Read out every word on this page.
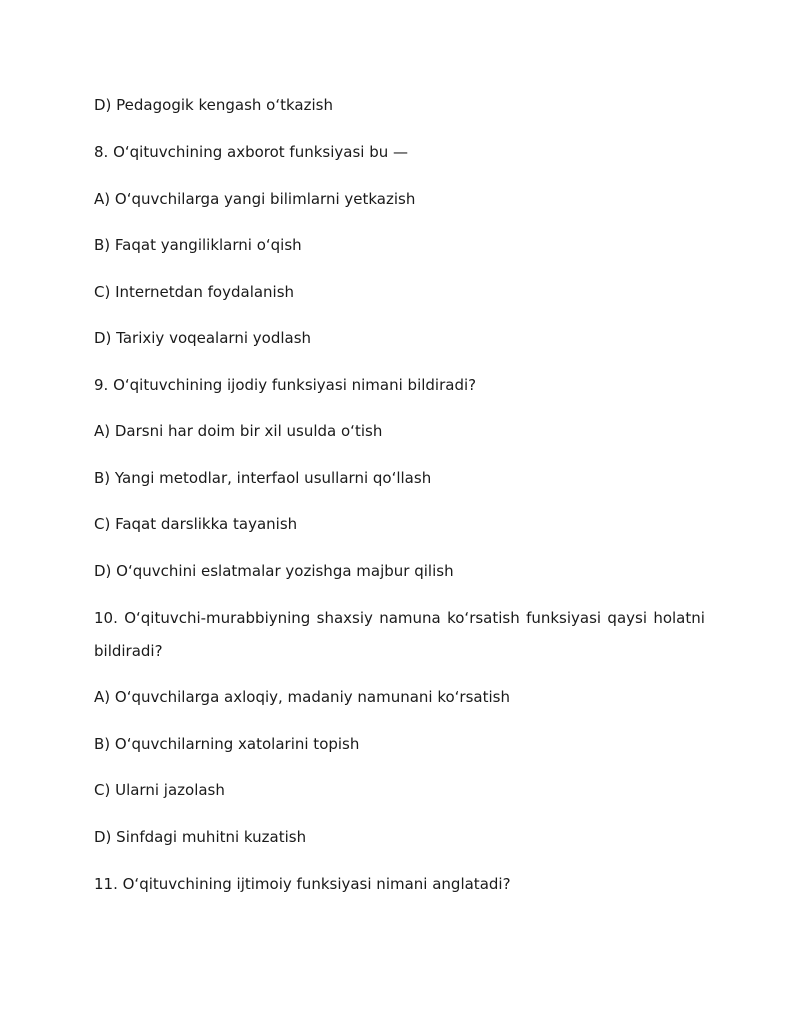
D) Pedagogik kengash o‘tkazish
8. O‘qituvchining axborot funksiyasi bu —
A) O‘quvchilarga yangi bilimlarni yetkazish
B) Faqat yangiliklarni o‘qish
C) Internetdan foydalanish
D) Tarixiy voqealarni yodlash
9. O‘qituvchining ijodiy funksiyasi nimani bildiradi?
A) Darsni har doim bir xil usulda o‘tish
B) Yangi metodlar, interfaol usullarni qo‘llash
C) Faqat darslikka tayanish
D) O‘quvchini eslatmalar yozishga majbur qilish
10. O‘qituvchi-murabbiyning shaxsiy namuna ko‘rsatish funksiyasi qaysi holatni
bildiradi?
A) O‘quvchilarga axloqiy, madaniy namunani ko‘rsatish
B) O‘quvchilarning xatolarini topish
C) Ularni jazolash
D) Sinfdagi muhitni kuzatish
11. O‘qituvchining ijtimoiy funksiyasi nimani anglatadi?
